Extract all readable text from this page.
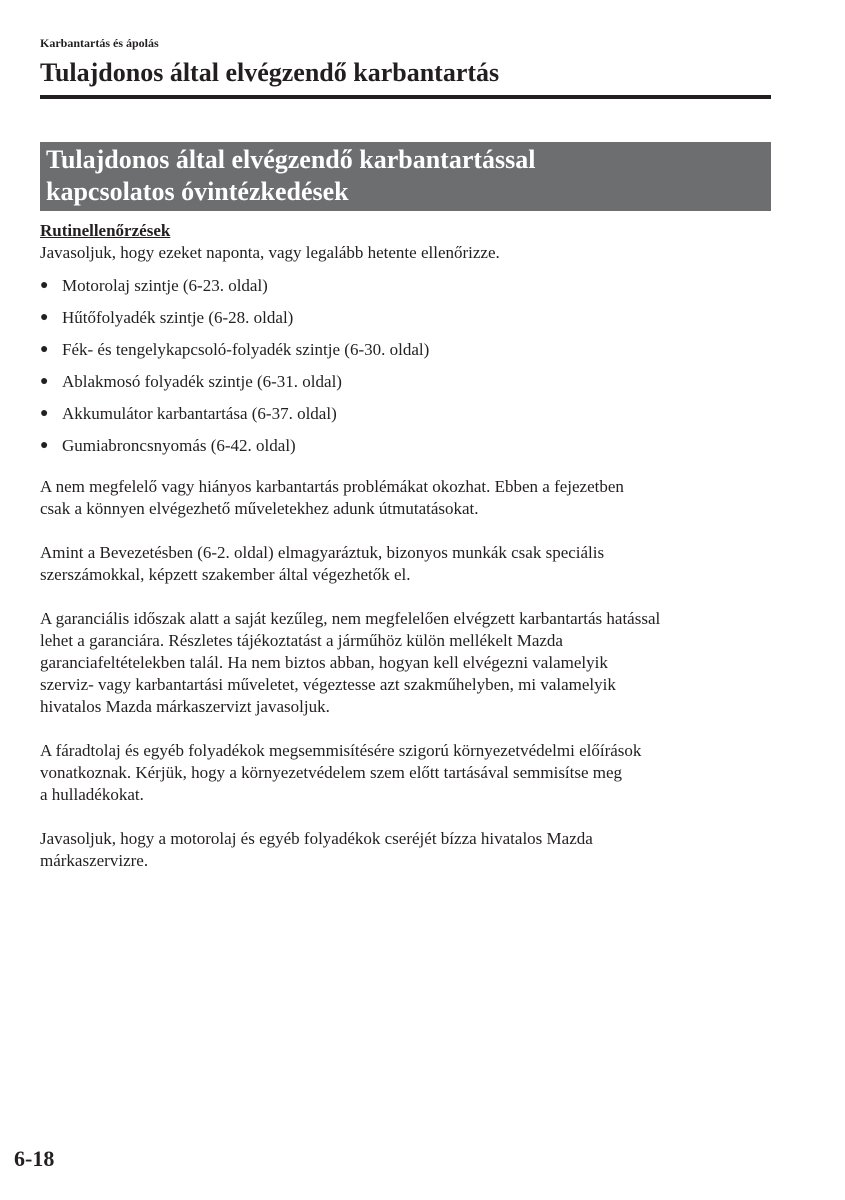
Karbantartás és ápolás
Tulajdonos által elvégzendő karbantartás
Tulajdonos által elvégzendő karbantartással
kapcsolatos óvintézkedések

Rutinellenőrzések

Javasoljuk, hogy ezeket naponta, vagy legalább hetente ellenőrizze.

● Motorolaj szintje (6-23. oldal)
● Hűtőfolyadék szintje (6-28. oldal)
● Fék- és tengelykapcsoló-folyadék szintje (6-30. oldal)
● Ablakmosó folyadék szintje (6-31. oldal)
● Akkumulátor karbantartása (6-37. oldal)
● Gumiabroncsnyomás (6-42. oldal)

A nem megfelelő vagy hiányos karbantartás problémákat okozhat. Ebben a fejezetben
csak a könnyen elvégezhető műveletekhez adunk útmutatásokat.

Amint a Bevezetésben (6-2. oldal) elmagyaráztuk, bizonyos munkák csak speciális
szerszámokkal, képzett szakember által végezhetők el.

A garanciális időszak alatt a saját kezűleg, nem megfelelően elvégzett karbantartás hatással
lehet a garanciára. Részletes tájékoztatást a járműhöz külön mellékelt Mazda
garanciafeltételekben talál. Ha nem biztos abban, hogyan kell elvégezni valamelyik
szerviz- vagy karbantartási műveletet, végeztesse azt szakműhelyben, mi valamelyik
hivatalos Mazda márkaszervizt javasoljuk.

A fáradtolaj és egyéb folyadékok megsemmisítésére szigorú környezetvédelmi előírások
vonatkoznak. Kérjük, hogy a környezetvédelem szem előtt tartásával semmisítse meg
a hulladékokat.

Javasoljuk, hogy a motorolaj és egyéb folyadékok cseréjét bízza hivatalos Mazda
márkaszervizre.

6-18
